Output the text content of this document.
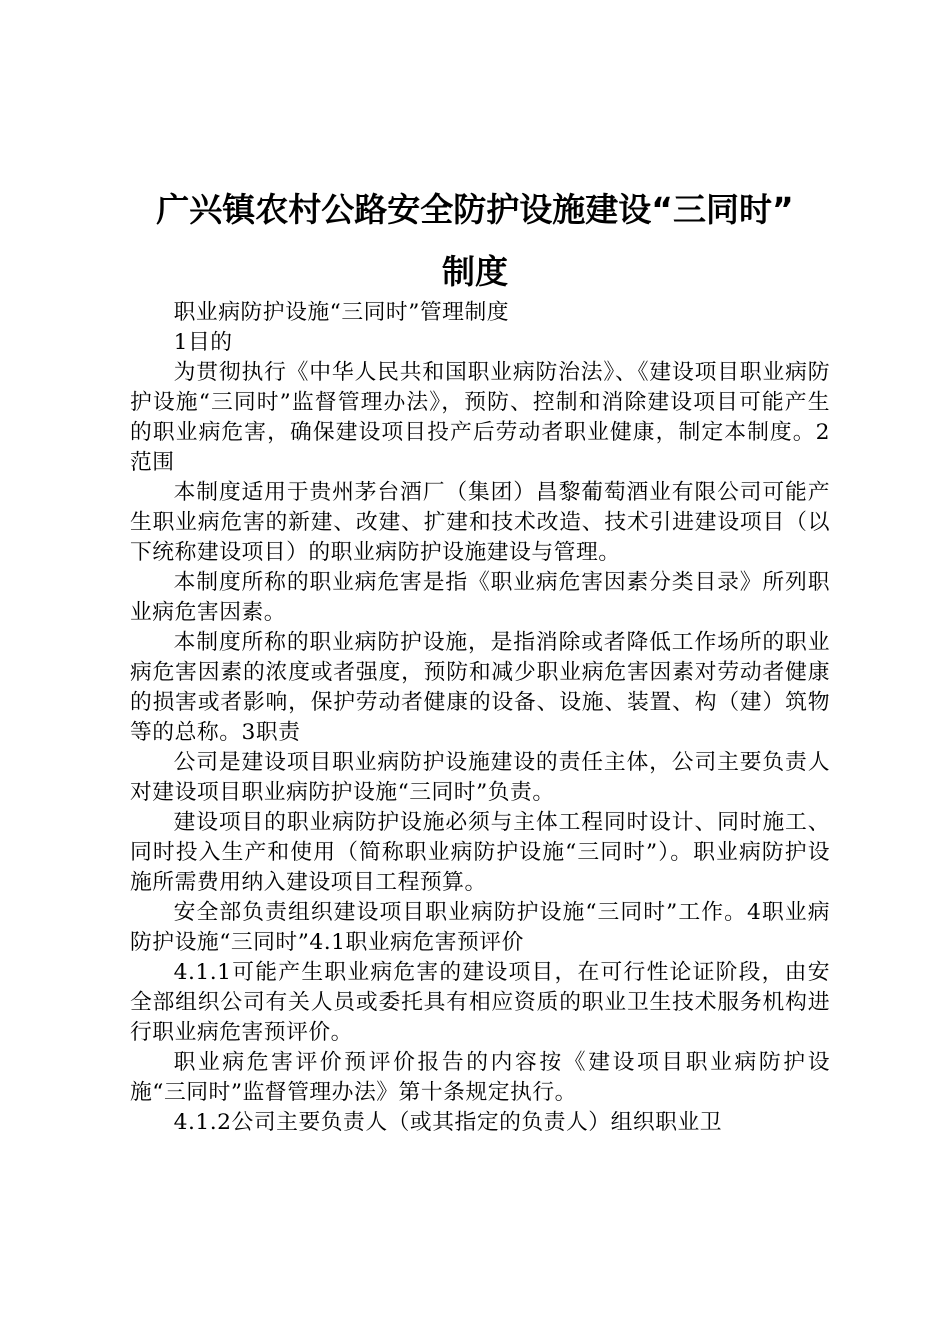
广兴镇农村公路安全防护设施建设“三同时”
制度

职业病防护设施“三同时”管理制度

1目的

为贯彻执行《中华人民共和国职业病防治法》、《建设项目职业病防护设施“三同时”监督管理办法》，预防、控制和消除建设项目可能产生的职业病危害，确保建设项目投产后劳动者职业健康，制定本制度。2范围

本制度适用于贵州茅台酒厂（集团）昌黎葡萄酒业有限公司可能产生职业病危害的新建、改建、扩建和技术改造、技术引进建设项目（以下统称建设项目）的职业病防护设施建设与管理。

本制度所称的职业病危害是指《职业病危害因素分类目录》所列职业病危害因素。

本制度所称的职业病防护设施，是指消除或者降低工作场所的职业病危害因素的浓度或者强度，预防和减少职业病危害因素对劳动者健康的损害或者影响，保护劳动者健康的设备、设施、装置、构（建）筑物等的总称。3职责

公司是建设项目职业病防护设施建设的责任主体，公司主要负责人对建设项目职业病防护设施“三同时”负责。

建设项目的职业病防护设施必须与主体工程同时设计、同时施工、同时投入生产和使用（简称职业病防护设施“三同时”）。职业病防护设施所需费用纳入建设项目工程预算。

安全部负责组织建设项目职业病防护设施“三同时”工作。4职业病防护设施“三同时”4.1职业病危害预评价

4.1.1可能产生职业病危害的建设项目，在可行性论证阶段，由安全部组织公司有关人员或委托具有相应资质的职业卫生技术服务机构进行职业病危害预评价。

职业病危害评价预评价报告的内容按《建设项目职业病防护设施“三同时”监督管理办法》第十条规定执行。

4.1.2公司主要负责人（或其指定的负责人）组织职业卫
